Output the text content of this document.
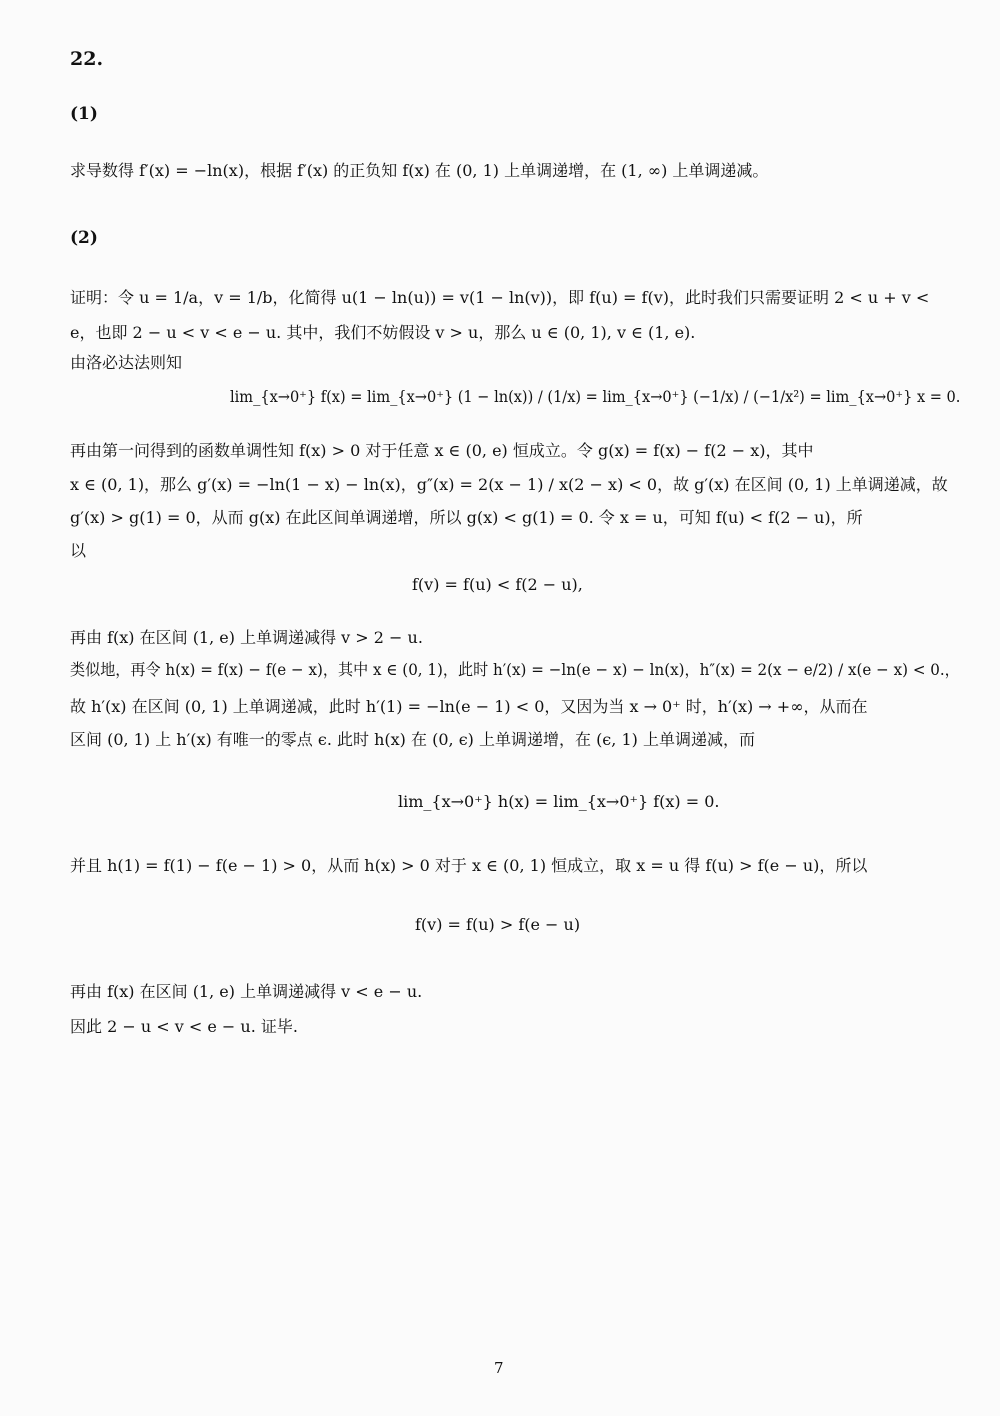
22.
(1)
求导数得 f′(x) = −ln(x)，根据 f′(x) 的正负知 f(x) 在 (0, 1) 上单调递增，在 (1, ∞) 上单调递减。
(2)
证明：令 u = 1/a，v = 1/b，化简得 u(1 − ln(u)) = v(1 − ln(v))，即 f(u) = f(v)，此时我们只需要证明 2 < u + v <
e，也即 2 − u < v < e − u. 其中，我们不妨假设 v > u，那么 u ∈ (0, 1), v ∈ (1, e).
由洛必达法则知
lim_{x→0⁺} f(x) = lim_{x→0⁺} (1 − ln(x)) / (1/x) = lim_{x→0⁺} (−1/x) / (−1/x²) = lim_{x→0⁺} x = 0.
再由第一问得到的函数单调性知 f(x) > 0 对于任意 x ∈ (0, e) 恒成立。令 g(x) = f(x) − f(2 − x)，其中
x ∈ (0, 1)，那么 g′(x) = −ln(1 − x) − ln(x)，g″(x) = 2(x − 1) / x(2 − x) < 0，故 g′(x) 在区间 (0, 1) 上单调递减，故
g′(x) > g(1) = 0，从而 g(x) 在此区间单调递增，所以 g(x) < g(1) = 0. 令 x = u，可知 f(u) < f(2 − u)，所
以
f(v) = f(u) < f(2 − u),
再由 f(x) 在区间 (1, e) 上单调递减得 v > 2 − u.
类似地，再令 h(x) = f(x) − f(e − x)，其中 x ∈ (0, 1)，此时 h′(x) = −ln(e − x) − ln(x)，h″(x) = 2(x − e/2) / x(e − x) < 0.，
故 h′(x) 在区间 (0, 1) 上单调递减，此时 h′(1) = −ln(e − 1) < 0，又因为当 x → 0⁺ 时，h′(x) → +∞，从而在
区间 (0, 1) 上 h′(x) 有唯一的零点 ϵ. 此时 h(x) 在 (0, ϵ) 上单调递增，在 (ϵ, 1) 上单调递减，而
lim_{x→0⁺} h(x) = lim_{x→0⁺} f(x) = 0.
并且 h(1) = f(1) − f(e − 1) > 0，从而 h(x) > 0 对于 x ∈ (0, 1) 恒成立，取 x = u 得 f(u) > f(e − u)，所以
f(v) = f(u) > f(e − u)
再由 f(x) 在区间 (1, e) 上单调递减得 v < e − u.
因此 2 − u < v < e − u. 证毕.
7
